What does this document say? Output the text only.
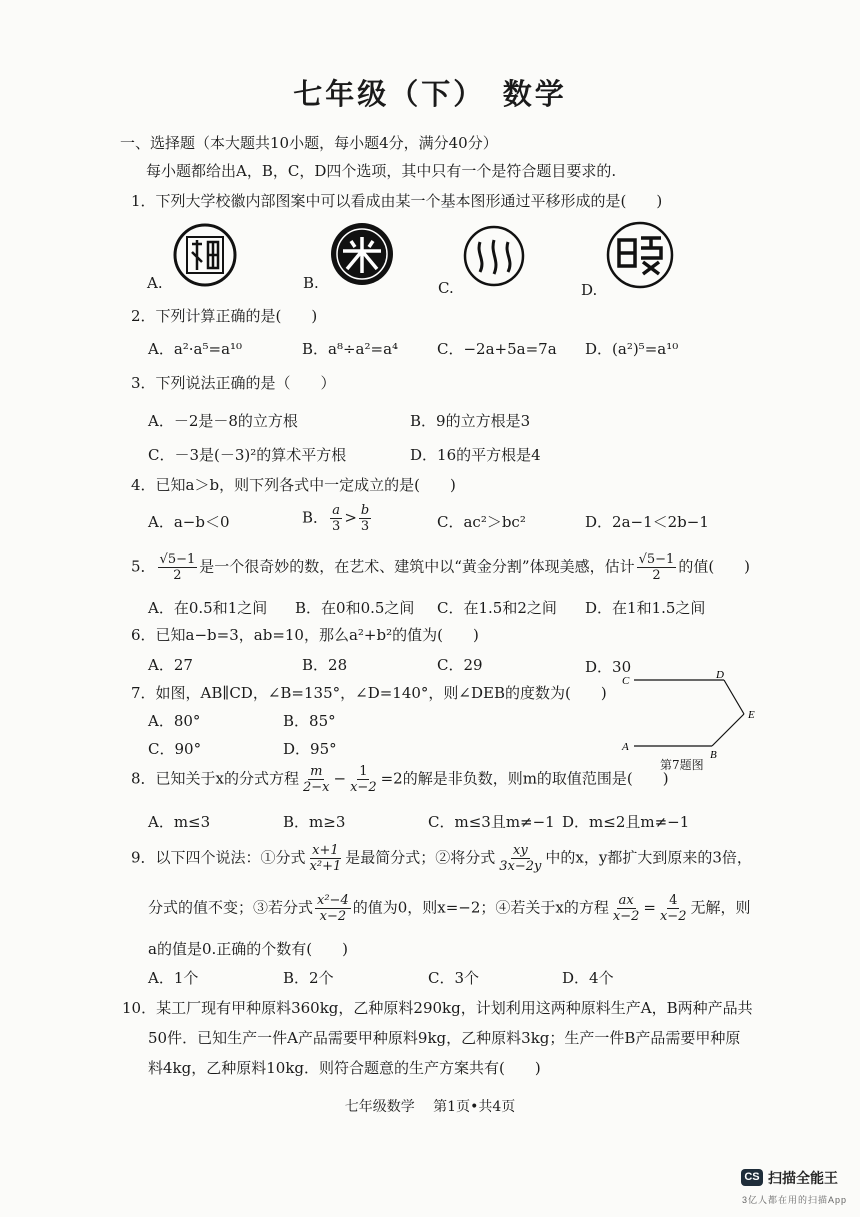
七年级（下）　数学
一、选择题（本大题共10小题，每小题4分，满分40分）
每小题都给出A，B，C，D四个选项，其中只有一个是符合题目要求的.
1．下列大学校徽内部图案中可以看成由某一个基本图形通过平移形成的是(　　)
A.	B.	C.	D.
2．下列计算正确的是(　　)
A．a²·a⁵=a¹⁰	B．a⁸÷a²=a⁴	C．−2a+5a=7a D．(a²)⁵=a¹⁰
3．下列说法正确的是（　　）
A．－2是－8的立方根	B．9的立方根是3
C．－3是(－3)²的算术平方根	D．16的平方根是4
4．已知a＞b，则下列各式中一定成立的是(　　)
A．a−b＜0	B． $\frac{a}{3} > \frac{b}{3}$	C．ac²＞bc²	D．2a−1＜2b−1
5． $\frac{√5-1}{2}$ 是一个很奇妙的数，在艺术、建筑中以“黄金分割”体现美感，估计 $\frac{√5-1}{2}$ 的值(　　)
A．在0.5和1之间 B．在0和0.5之间 C．在1.5和2之间 D．在1和1.5之间
6．已知a−b=3，ab=10，那么a²+b²的值为(　　)
A．27	B．28	C．29	D．30
7．如图，AB∥CD，∠B=135°，∠D=140°，则∠DEB的度数为(　　)
A．80°	B．85°
C．90°	D．95°
C	D
E
A
B
第7题图
8．已知关于x的分式方程 $\frac{m}{2-x} - \frac{1}{x-2} =2$的解是非负数，则m的取值范围是(　　)
A．m≤3	B．m≥3	C．m≤3且m≠−1 D．m≤2且m≠−1
9．以下四个说法：①分式 $\frac{x+1}{\text{x²+1}}$ 是最简分式；②将分式 $\frac{xy}{3x-2y}$ 中的x，y都扩大到原来的3倍，
分式的值不变；③若分式 $\frac{\text{x²−4}}{x-2}$ 的值为0，则x=−2；④若关于x的方程 $\frac{ax}{x-2} = \frac{4}{x-2}$ 无解，则
a的值是0.正确的个数有(　　)
A．1个	B．2个	C．3个	D．4个
10．某工厂现有甲种原料360kg，乙种原料290kg，计划利用这两种原料生产A，B两种产品共
50件．已知生产一件A产品需要甲种原料9kg，乙种原料3kg；生产一件B产品需要甲种原
料4kg，乙种原料10kg．则符合题意的生产方案共有(　　)
七年级数学　 第1页•共4页
CS 扫描全能王
3亿人都在用的扫描App
